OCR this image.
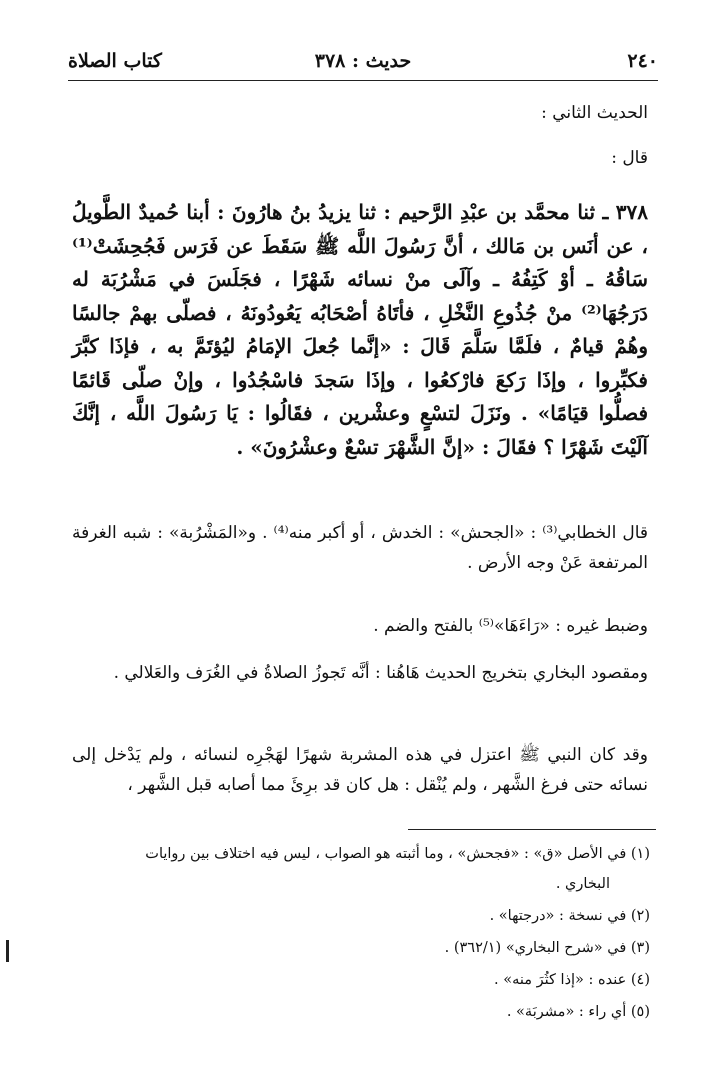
٢٤٠
حديث : ٣٧٨
كتاب الصلاة

الحديث الثاني :

قال :

٣٧٨ ـ ثنا محمَّد بن عبْدِ الرَّحيم : ثنا يزيدُ بنُ هارُونَ : أبنا حُميدٌ الطَّويلُ ، عن أنَس بن مَالك ، أنَّ رَسُولَ اللَّه ﷺ سَقَطَ عن فَرَس فَجُحِشَتْ⁽¹⁾ سَاقُهُ ـ أوْ كَتِفُهُ ـ وآلَى منْ نسائه شَهْرًا ، فجَلَسَ في مَشْرُبَة له دَرَجُهَا⁽²⁾ منْ جُذُوعِ النَّخْلِ ، فأتَاهُ أصْحَابُه يَعُودُونَهُ ، فصلّى بهمْ جالسًا وهُمْ قيامٌ ، فلَمَّا سَلَّمَ قَالَ : «إنَّما جُعلَ الإمَامُ ليُؤتَمَّ به ، فإذَا كبَّرَ فكبِّروا ، وإذَا رَكعَ فارْكعُوا ، وإذَا سَجدَ فاسْجُدُوا ، وإنْ صلّى قَائمًا فصلُّوا قيَامًا» . ونَزَلَ لتسْعٍ وعشْرين ، فقَالُوا : يَا رَسُولَ اللَّه ، إنَّكَ آلَيْتَ شَهْرًا ؟ فقَالَ : «إنَّ الشَّهْرَ تسْعٌ وعشْرُونَ» .

قال الخطابي⁽³⁾ : «الجحش» : الخدش ، أو أكبر منه⁽⁴⁾ . و«المَشْرُبة» : شبه الغرفة المرتفعة عَنْ وجه الأرض .

وضبط غيره : «رَاءَهَا»⁽⁵⁾ بالفتح والضم .

ومقصود البخاري بتخريج الحديث هَاهُنا : أنَّه تَجوزُ الصلاةُ في الغُرَف والعَلالي .

وقد كان النبي ﷺ اعتزل في هذه المشربة شهرًا لهَجْرِه لنسائه ، ولم يَدْخل إلى نسائه حتى فرغ الشَّهر ، ولم يُنْقل : هل كان قد برِئَ مما أصابه قبل الشَّهر ،

(١) في الأصل «ق» : «فجحش» ، وما أثبته هو الصواب ، ليس فيه اختلاف بين روايات

البخاري .

(٢) في نسخة : «درجتها» .

(٣) في «شرح البخاري» (٣٦٢/١) .

(٤) عنده : «إذا كثُرَ منه» .

(٥) أي راء : «مشربَة» .
